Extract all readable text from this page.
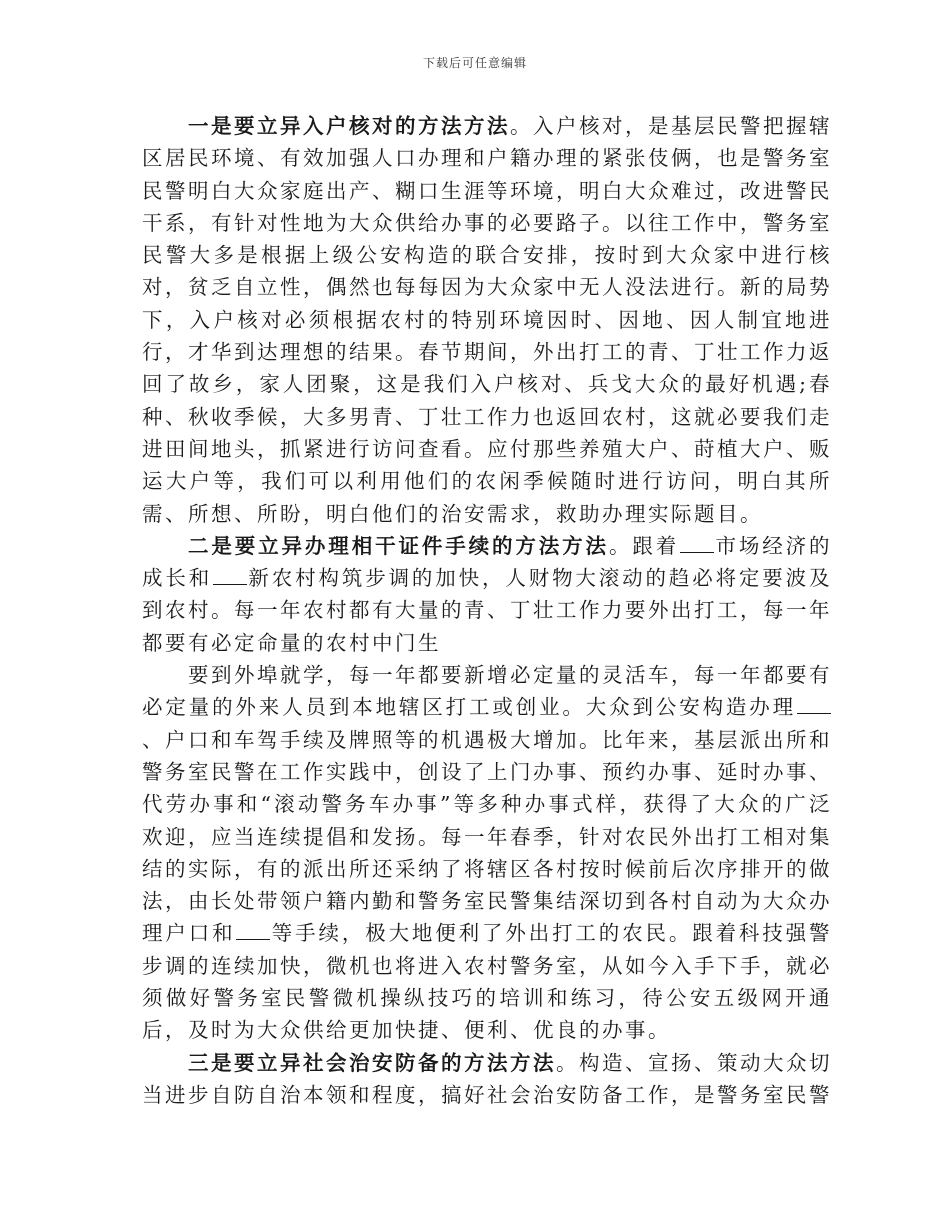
下载后可任意编辑

一是要立异入户核对的方法方法。入户核对，是基层民警把握辖区居民环境、有效加强人口办理和户籍办理的紧张伎俩，也是警务室民警明白大众家庭出产、糊口生涯等环境，明白大众难过，改进警民干系，有针对性地为大众供给办事的必要路子。以往工作中，警务室民警大多是根据上级公安构造的联合安排，按时到大众家中进行核对，贫乏自立性，偶然也每每因为大众家中无人没法进行。新的局势下，入户核对必须根据农村的特别环境因时、因地、因人制宜地进行，才华到达理想的结果。春节期间，外出打工的青、丁壮工作力返回了故乡，家人团聚，这是我们入户核对、兵戈大众的最好机遇;春种、秋收季候，大多男青、丁壮工作力也返回农村，这就必要我们走进田间地头，抓紧进行访问查看。应付那些养殖大户、莳植大户、贩运大户等，我们可以利用他们的农闲季候随时进行访问，明白其所需、所想、所盼，明白他们的治安需求，救助办理实际题目。

二是要立异办理相干证件手续的方法方法。跟着 市场经济的成长和 新农村构筑步调的加快，人财物大滚动的趋必将定要波及到农村。每一年农村都有大量的青、丁壮工作力要外出打工，每一年都要有必定命量的农村中门生

要到外埠就学，每一年都要新增必定量的灵活车，每一年都要有必定量的外来人员到本地辖区打工或创业。大众到公安构造办理、户口和车驾手续及牌照等的机遇极大增加。比年来，基层派出所和警务室民警在工作实践中，创设了上门办事、预约办事、延时办事、代劳办事和“滚动警务车办事”等多种办事式样，获得了大众的广泛欢迎，应当连续提倡和发扬。每一年春季，针对农民外出打工相对集结的实际，有的派出所还采纳了将辖区各村按时候前后次序排开的做法，由长处带领户籍内勤和警务室民警集结深切到各村自动为大众办理户口和 等手续，极大地便利了外出打工的农民。跟着科技强警步调的连续加快，微机也将进入农村警务室，从如今入手下手，就必须做好警务室民警微机操纵技巧的培训和练习，待公安五级网开通后，及时为大众供给更加快捷、便利、优良的办事。

三是要立异社会治安防备的方法方法。构造、宣扬、策动大众切当进步自防自治本领和程度，搞好社会治安防备工作，是警务室民警
